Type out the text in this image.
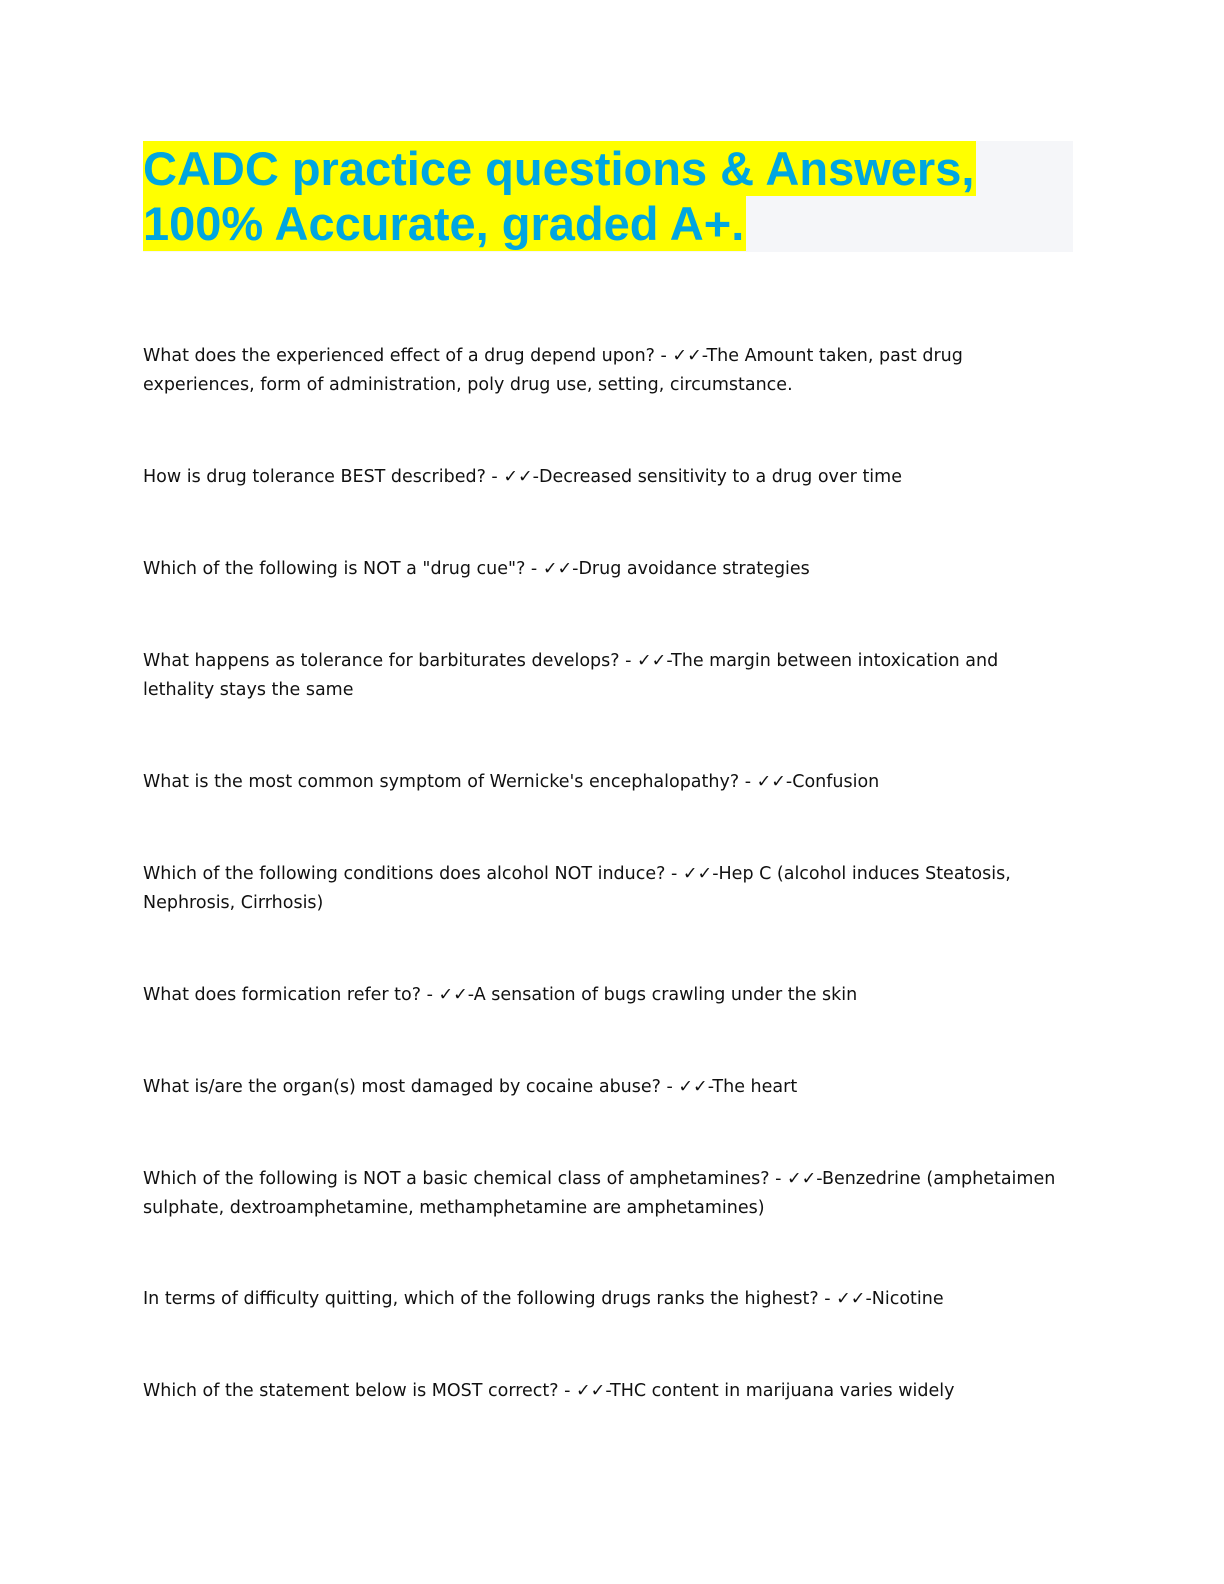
CADC practice questions & Answers,
100% Accurate, graded A+.
What does the experienced effect of a drug depend upon? - ✓✓-The Amount taken, past drug
experiences, form of administration, poly drug use, setting, circumstance.
How is drug tolerance BEST described? - ✓✓-Decreased sensitivity to a drug over time
Which of the following is NOT a "drug cue"? - ✓✓-Drug avoidance strategies
What happens as tolerance for barbiturates develops? - ✓✓-The margin between intoxication and
lethality stays the same
What is the most common symptom of Wernicke's encephalopathy? - ✓✓-Confusion
Which of the following conditions does alcohol NOT induce? - ✓✓-Hep C (alcohol induces Steatosis,
Nephrosis, Cirrhosis)
What does formication refer to? - ✓✓-A sensation of bugs crawling under the skin
What is/are the organ(s) most damaged by cocaine abuse? - ✓✓-The heart
Which of the following is NOT a basic chemical class of amphetamines? - ✓✓-Benzedrine (amphetaimen
sulphate, dextroamphetamine, methamphetamine are amphetamines)
In terms of difficulty quitting, which of the following drugs ranks the highest? - ✓✓-Nicotine
Which of the statement below is MOST correct? - ✓✓-THC content in marijuana varies widely
